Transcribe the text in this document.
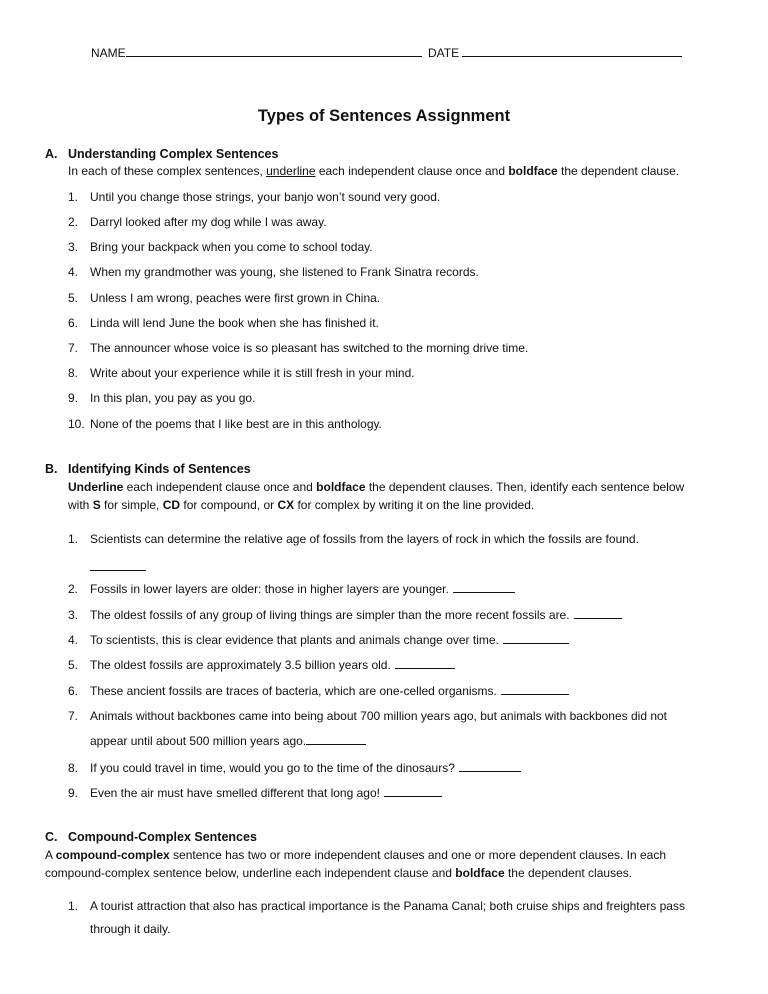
NAME	DATE
Types of Sentences Assignment
A. Understanding Complex Sentences
In each of these complex sentences, underline each independent clause once and boldface the dependent clause.
1. Until you change those strings, your banjo won’t sound very good.
2. Darryl looked after my dog while I was away.
3. Bring your backpack when you come to school today.
4. When my grandmother was young, she listened to Frank Sinatra records.
5. Unless I am wrong, peaches were first grown in China.
6. Linda will lend June the book when she has finished it.
7. The announcer whose voice is so pleasant has switched to the morning drive time.
8. Write about your experience while it is still fresh in your mind.
9. In this plan, you pay as you go.
10. None of the poems that I like best are in this anthology.
B. Identifying Kinds of Sentences
Underline each independent clause once and boldface the dependent clauses. Then, identify each sentence below
with S for simple, CD for compound, or CX for complex by writing it on the line provided.
1. Scientists can determine the relative age of fossils from the layers of rock in which the fossils are found.
2. Fossils in lower layers are older: those in higher layers are younger.
3. The oldest fossils of any group of living things are simpler than the more recent fossils are.
4. To scientists, this is clear evidence that plants and animals change over time.
5. The oldest fossils are approximately 3.5 billion years old.
6. These ancient fossils are traces of bacteria, which are one-celled organisms.
7. Animals without backbones came into being about 700 million years ago, but animals with backbones did not
appear until about 500 million years ago.
8. If you could travel in time, would you go to the time of the dinosaurs?
9. Even the air must have smelled different that long ago!
C. Compound-Complex Sentences
A compound-complex sentence has two or more independent clauses and one or more dependent clauses. In each
compound-complex sentence below, underline each independent clause and boldface the dependent clauses.
1. A tourist attraction that also has practical importance is the Panama Canal; both cruise ships and freighters pass
through it daily.
